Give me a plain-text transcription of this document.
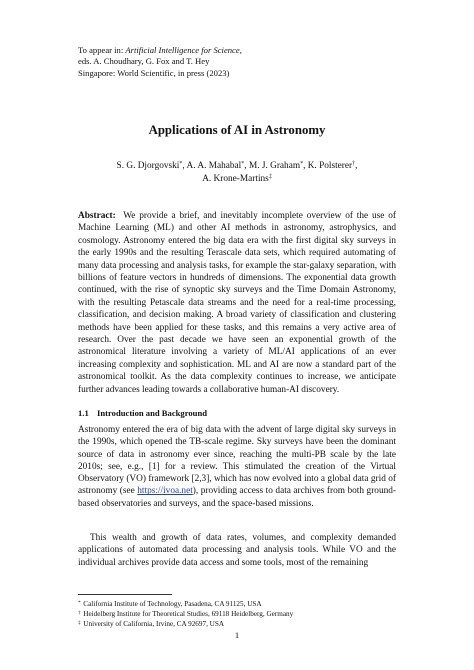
To appear in: Artificial Intelligence for Science,
eds. A. Choudhary, G. Fox and T. Hey
Singapore: World Scientific, in press (2023)
Applications of AI in Astronomy
S. G. Djorgovski*, A. A. Mahabal*, M. J. Graham*, K. Polsterer†,
A. Krone-Martins‡
Abstract: We provide a brief, and inevitably incomplete overview of the use of Machine Learning (ML) and other AI methods in astronomy, astrophysics, and cosmology. Astronomy entered the big data era with the first digital sky surveys in the early 1990s and the resulting Terascale data sets, which required automating of many data processing and analysis tasks, for example the star-galaxy separation, with billions of feature vectors in hundreds of dimensions. The exponential data growth continued, with the rise of synoptic sky surveys and the Time Domain Astronomy, with the resulting Petascale data streams and the need for a real-time processing, classification, and decision making. A broad variety of classification and clustering methods have been applied for these tasks, and this remains a very active area of research. Over the past decade we have seen an exponential growth of the astronomical literature involving a variety of ML/AI applications of an ever increasing complexity and sophistication. ML and AI are now a standard part of the astronomical toolkit. As the data complexity continues to increase, we anticipate further advances leading towards a collaborative human-AI discovery.
1.1 Introduction and Background
Astronomy entered the era of big data with the advent of large digital sky surveys in the 1990s, which opened the TB-scale regime. Sky surveys have been the dominant source of data in astronomy ever since, reaching the multi-PB scale by the late 2010s; see, e.g., [1] for a review. This stimulated the creation of the Virtual Observatory (VO) framework [2,3], which has now evolved into a global data grid of astronomy (see https://ivoa.net), providing access to data archives from both ground-based observatories and surveys, and the space-based missions.
This wealth and growth of data rates, volumes, and complexity demanded applications of automated data processing and analysis tools. While VO and the individual archives provide data access and some tools, most of the remaining
* California Institute of Technology, Pasadena, CA 91125, USA
† Heidelberg Institute for Theoretical Studies, 69118 Heidelberg, Germany
‡ University of California, Irvine, CA 92697, USA
1
